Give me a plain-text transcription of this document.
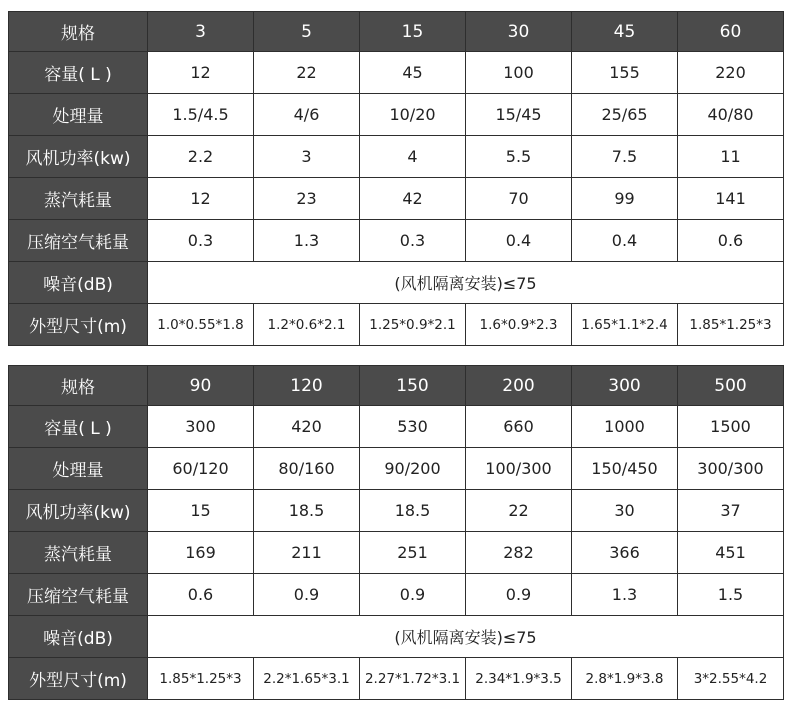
规格	3	5	15	30	45	60
容量( L )	12	22	45	100	155	220
处理量	1.5/4.5	4/6	10/20	15/45	25/65	40/80
风机功率(kw)	2.2	3	4	5.5	7.5	11
蒸汽耗量	12	23	42	70	99	141
压缩空气耗量	0.3	1.3	0.3	0.4	0.4	0.6
噪音(dB)	(风机隔离安装)≤75					
外型尺寸(m)	1.0*0.55*1.8	1.2*0.6*2.1	1.25*0.9*2.1	1.6*0.9*2.3	1.65*1.1*2.4	1.85*1.25*3
规格	90	120	150	200	300	500
容量( L )	300	420	530	660	1000	1500
处理量	60/120	80/160	90/200	100/300	150/450	300/300
风机功率(kw)	15	18.5	18.5	22	30	37
蒸汽耗量	169	211	251	282	366	451
压缩空气耗量	0.6	0.9	0.9	0.9	1.3	1.5
噪音(dB)	(风机隔离安装)≤75					
外型尺寸(m)	1.85*1.25*3	2.2*1.65*3.1	2.27*1.72*3.1	2.34*1.9*3.5	2.8*1.9*3.8	3*2.55*4.2
